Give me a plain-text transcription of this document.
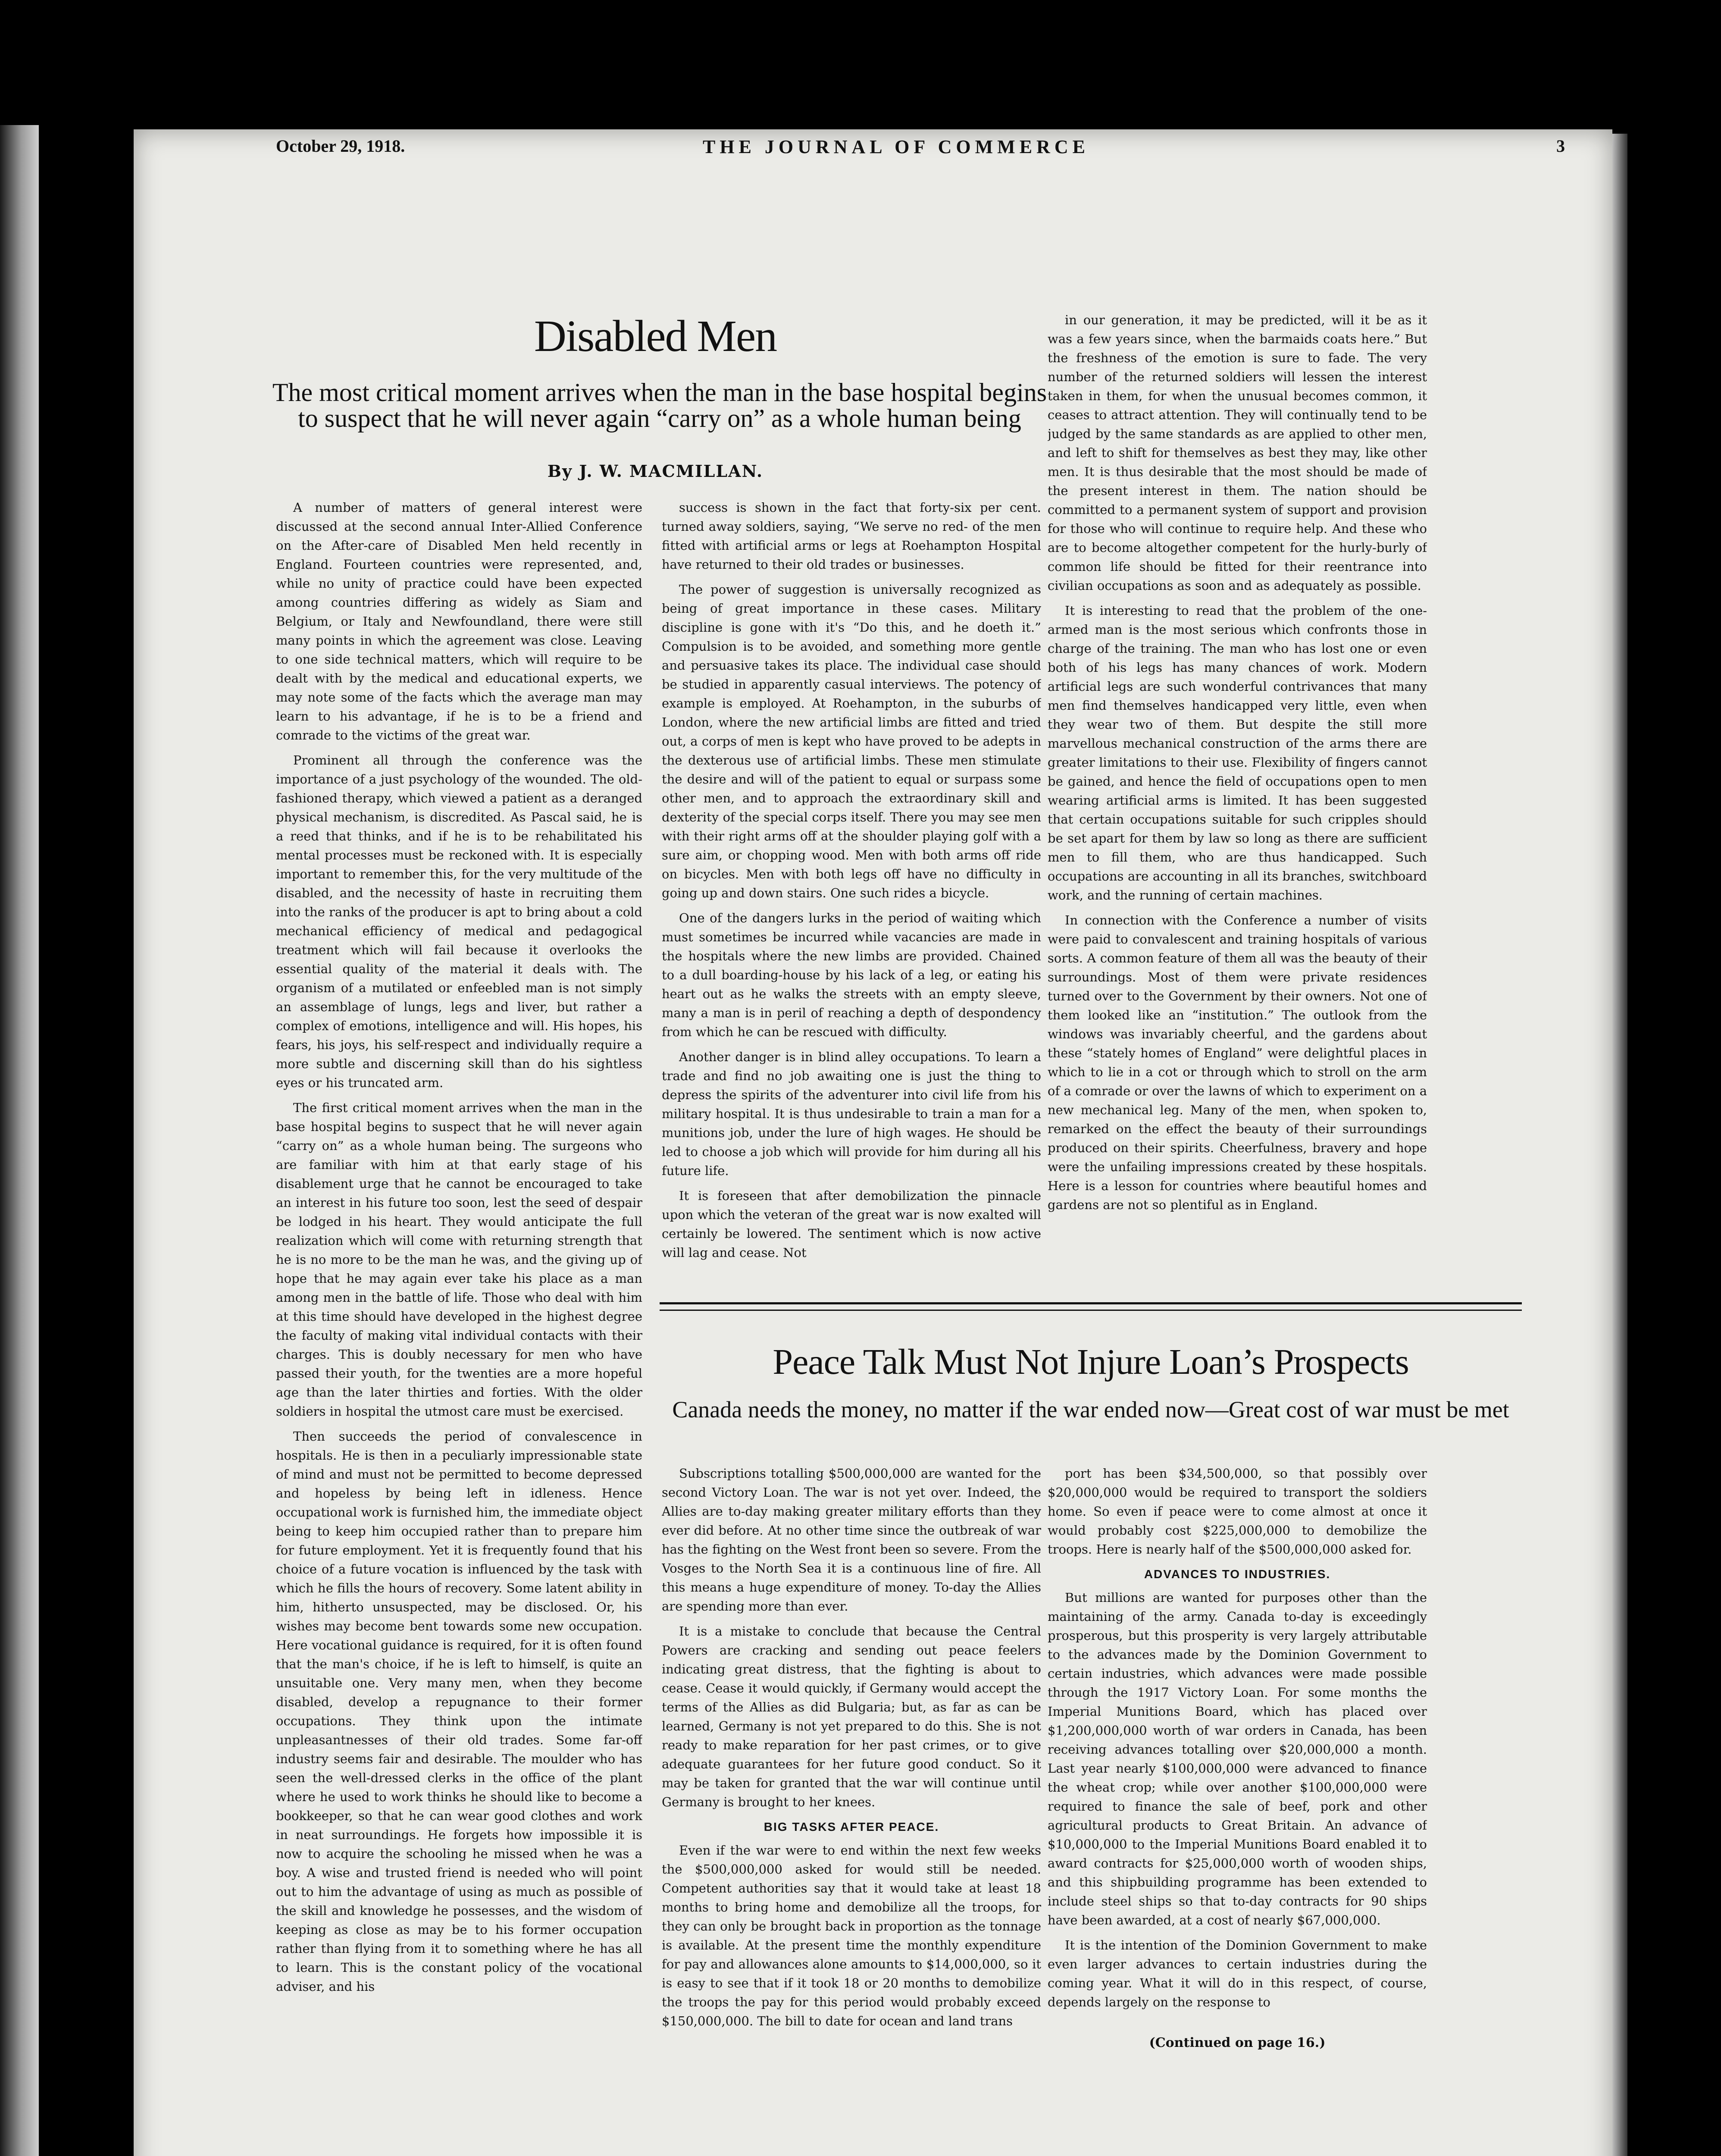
October 29, 1918.	THE JOURNAL OF COMMERCE	3
Disabled Men
The most critical moment arrives when the man in the base hospital begins to suspect that he will never again “carry on” as a whole human being
By J. W. MACMILLAN.

A number of matters of general interest were discussed at the second annual Inter-Allied Conference on the After-care of Disabled Men held recently in England. Fourteen countries were represented, and, while no unity of practice could have been expected among countries differing as widely as Siam and Belgium, or Italy and Newfoundland, there were still many points in which the agreement was close. Leaving to one side technical matters, which will require to be dealt with by the medical and educational experts, we may note some of the facts which the average man may learn to his advantage, if he is to be a friend and comrade to the victims of the great war.

Prominent all through the conference was the importance of a just psychology of the wounded. The old-fashioned therapy, which viewed a patient as a deranged physical mechanism, is discredited. As Pascal said, he is a reed that thinks, and if he is to be rehabilitated his mental processes must be reckoned with. It is especially important to remember this, for the very multitude of the disabled, and the necessity of haste in recruiting them into the ranks of the producer is apt to bring about a cold mechanical efficiency of medical and pedagogical treatment which will fail because it overlooks the essential quality of the material it deals with. The organism of a mutilated or enfeebled man is not simply an assemblage of lungs, legs and liver, but rather a complex of emotions, intelligence and will. His hopes, his fears, his joys, his self-respect and individually require a more subtle and discerning skill than do his sightless eyes or his truncated arm.

The first critical moment arrives when the man in the base hospital begins to suspect that he will never again “carry on” as a whole human being. The surgeons who are familiar with him at that early stage of his disablement urge that he cannot be encouraged to take an interest in his future too soon, lest the seed of despair be lodged in his heart. They would anticipate the full realization which will come with returning strength that he is no more to be the man he was, and the giving up of hope that he may again ever take his place as a man among men in the battle of life. Those who deal with him at this time should have developed in the highest degree the faculty of making vital individual contacts with their charges. This is doubly necessary for men who have passed their youth, for the twenties are a more hopeful age than the later thirties and forties. With the older soldiers in hospital the utmost care must be exercised.

Then succeeds the period of convalescence in hospitals. He is then in a peculiarly impressionable state of mind and must not be permitted to become depressed and hopeless by being left in idleness. Hence occupational work is furnished him, the immediate object being to keep him occupied rather than to prepare him for future employment. Yet it is frequently found that his choice of a future vocation is influenced by the task with which he fills the hours of recovery. Some latent ability in him, hitherto unsuspected, may be disclosed. Or, his wishes may become bent towards some new occupation. Here vocational guidance is required, for it is often found that the man's choice, if he is left to himself, is quite an unsuitable one. Very many men, when they become disabled, develop a repugnance to their former occupations. They think upon the intimate unpleasantnesses of their old trades. Some far-off industry seems fair and desirable. The moulder who has seen the well-dressed clerks in the office of the plant where he used to work thinks he should like to become a bookkeeper, so that he can wear good clothes and work in neat surroundings. He forgets how impossible it is now to acquire the schooling he missed when he was a boy. A wise and trusted friend is needed who will point out to him the advantage of using as much as possible of the skill and knowledge he possesses, and the wisdom of keeping as close as may be to his former occupation rather than flying from it to something where he has all to learn. This is the constant policy of the vocational adviser, and his

success is shown in the fact that forty-six per cent. turned away soldiers, saying, “We serve no red- of the men fitted with artificial arms or legs at Roehampton Hospital have returned to their old trades or businesses.

The power of suggestion is universally recognized as being of great importance in these cases. Military discipline is gone with it's “Do this, and he doeth it.” Compulsion is to be avoided, and something more gentle and persuasive takes its place. The individual case should be studied in apparently casual interviews. The potency of example is employed. At Roehampton, in the suburbs of London, where the new artificial limbs are fitted and tried out, a corps of men is kept who have proved to be adepts in the dexterous use of artificial limbs. These men stimulate the desire and will of the patient to equal or surpass some other men, and to approach the extraordinary skill and dexterity of the special corps itself. There you may see men with their right arms off at the shoulder playing golf with a sure aim, or chopping wood. Men with both arms off ride on bicycles. Men with both legs off have no difficulty in going up and down stairs. One such rides a bicycle.

One of the dangers lurks in the period of waiting which must sometimes be incurred while vacancies are made in the hospitals where the new limbs are provided. Chained to a dull boarding-house by his lack of a leg, or eating his heart out as he walks the streets with an empty sleeve, many a man is in peril of reaching a depth of despondency from which he can be rescued with difficulty.

Another danger is in blind alley occupations. To learn a trade and find no job awaiting one is just the thing to depress the spirits of the adventurer into civil life from his military hospital. It is thus undesirable to train a man for a munitions job, under the lure of high wages. He should be led to choose a job which will provide for him during all his future life.

It is foreseen that after demobilization the pinnacle upon which the veteran of the great war is now exalted will certainly be lowered. The sentiment which is now active will lag and cease. Not

in our generation, it may be predicted, will it be as it was a few years since, when the barmaids coats here.” But the freshness of the emotion is sure to fade. The very number of the returned soldiers will lessen the interest taken in them, for when the unusual becomes common, it ceases to attract attention. They will continually tend to be judged by the same standards as are applied to other men, and left to shift for themselves as best they may, like other men. It is thus desirable that the most should be made of the present interest in them. The nation should be committed to a permanent system of support and provision for those who will continue to require help. And these who are to become altogether competent for the hurly-burly of common life should be fitted for their reentrance into civilian occupations as soon and as adequately as possible.

It is interesting to read that the problem of the one-armed man is the most serious which confronts those in charge of the training. The man who has lost one or even both of his legs has many chances of work. Modern artificial legs are such wonderful contrivances that many men find themselves handicapped very little, even when they wear two of them. But despite the still more marvellous mechanical construction of the arms there are greater limitations to their use. Flexibility of fingers cannot be gained, and hence the field of occupations open to men wearing artificial arms is limited. It has been suggested that certain occupations suitable for such cripples should be set apart for them by law so long as there are sufficient men to fill them, who are thus handicapped. Such occupations are accounting in all its branches, switchboard work, and the running of certain machines.

In connection with the Conference a number of visits were paid to convalescent and training hospitals of various sorts. A common feature of them all was the beauty of their surroundings. Most of them were private residences turned over to the Government by their owners. Not one of them looked like an “institution.” The outlook from the windows was invariably cheerful, and the gardens about these “stately homes of England” were delightful places in which to lie in a cot or through which to stroll on the arm of a comrade or over the lawns of which to experiment on a new mechanical leg. Many of the men, when spoken to, remarked on the effect the beauty of their surroundings produced on their spirits. Cheerfulness, bravery and hope were the unfailing impressions created by these hospitals. Here is a lesson for countries where beautiful homes and gardens are not so plentiful as in England.

Peace Talk Must Not Injure Loan’s Prospects
Canada needs the money, no matter if the war ended now—Great cost of war must be met

Subscriptions totalling $500,000,000 are wanted for the second Victory Loan. The war is not yet over. Indeed, the Allies are to-day making greater military efforts than they ever did before. At no other time since the outbreak of war has the fighting on the West front been so severe. From the Vosges to the North Sea it is a continuous line of fire. All this means a huge expenditure of money. To-day the Allies are spending more than ever.

It is a mistake to conclude that because the Central Powers are cracking and sending out peace feelers indicating great distress, that the fighting is about to cease. Cease it would quickly, if Germany would accept the terms of the Allies as did Bulgaria; but, as far as can be learned, Germany is not yet prepared to do this. She is not ready to make reparation for her past crimes, or to give adequate guarantees for her future good conduct. So it may be taken for granted that the war will continue until Germany is brought to her knees.

BIG TASKS AFTER PEACE.

Even if the war were to end within the next few weeks the $500,000,000 asked for would still be needed. Competent authorities say that it would take at least 18 months to bring home and demobilize all the troops, for they can only be brought back in proportion as the tonnage is available. At the present time the monthly expenditure for pay and allowances alone amounts to $14,000,000, so it is easy to see that if it took 18 or 20 months to demobilize the troops the pay for this period would probably exceed $150,000,000. The bill to date for ocean and land trans

port has been $34,500,000, so that possibly over $20,000,000 would be required to transport the soldiers home. So even if peace were to come almost at once it would probably cost $225,000,000 to demobilize the troops. Here is nearly half of the $500,000,000 asked for.

ADVANCES TO INDUSTRIES.

But millions are wanted for purposes other than the maintaining of the army. Canada to-day is exceedingly prosperous, but this prosperity is very largely attributable to the advances made by the Dominion Government to certain industries, which advances were made possible through the 1917 Victory Loan. For some months the Imperial Munitions Board, which has placed over $1,200,000,000 worth of war orders in Canada, has been receiving advances totalling over $20,000,000 a month. Last year nearly $100,000,000 were advanced to finance the wheat crop; while over another $100,000,000 were required to finance the sale of beef, pork and other agricultural products to Great Britain. An advance of $10,000,000 to the Imperial Munitions Board enabled it to award contracts for $25,000,000 worth of wooden ships, and this shipbuilding programme has been extended to include steel ships so that to-day contracts for 90 ships have been awarded, at a cost of nearly $67,000,000.

It is the intention of the Dominion Government to make even larger advances to certain industries during the coming year. What it will do in this respect, of course, depends largely on the response to

(Continued on page 16.)
